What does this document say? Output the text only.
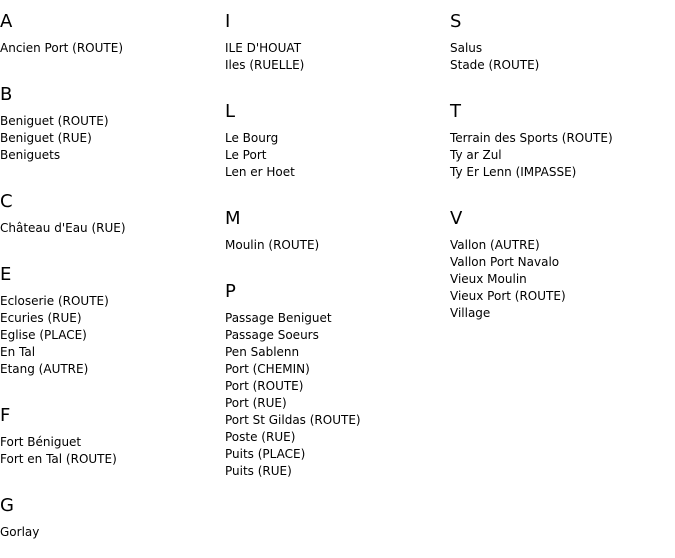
A
Ancien Port (ROUTE)
B
Beniguet (ROUTE)
Beniguet (RUE)
Beniguets
C
Château d'Eau (RUE)
E
Ecloserie (ROUTE)
Ecuries (RUE)
Eglise (PLACE)
En Tal
Etang (AUTRE)
F
Fort Béniguet
Fort en Tal (ROUTE)
G
Gorlay
I
ILE D'HOUAT
Iles (RUELLE)
L
Le Bourg
Le Port
Len er Hoet
M
Moulin (ROUTE)
P
Passage Beniguet
Passage Soeurs
Pen Sablenn
Port (CHEMIN)
Port (ROUTE)
Port (RUE)
Port St Gildas (ROUTE)
Poste (RUE)
Puits (PLACE)
Puits (RUE)
S
Salus
Stade (ROUTE)
T
Terrain des Sports (ROUTE)
Ty ar Zul
Ty Er Lenn (IMPASSE)
V
Vallon (AUTRE)
Vallon Port Navalo
Vieux Moulin
Vieux Port (ROUTE)
Village
